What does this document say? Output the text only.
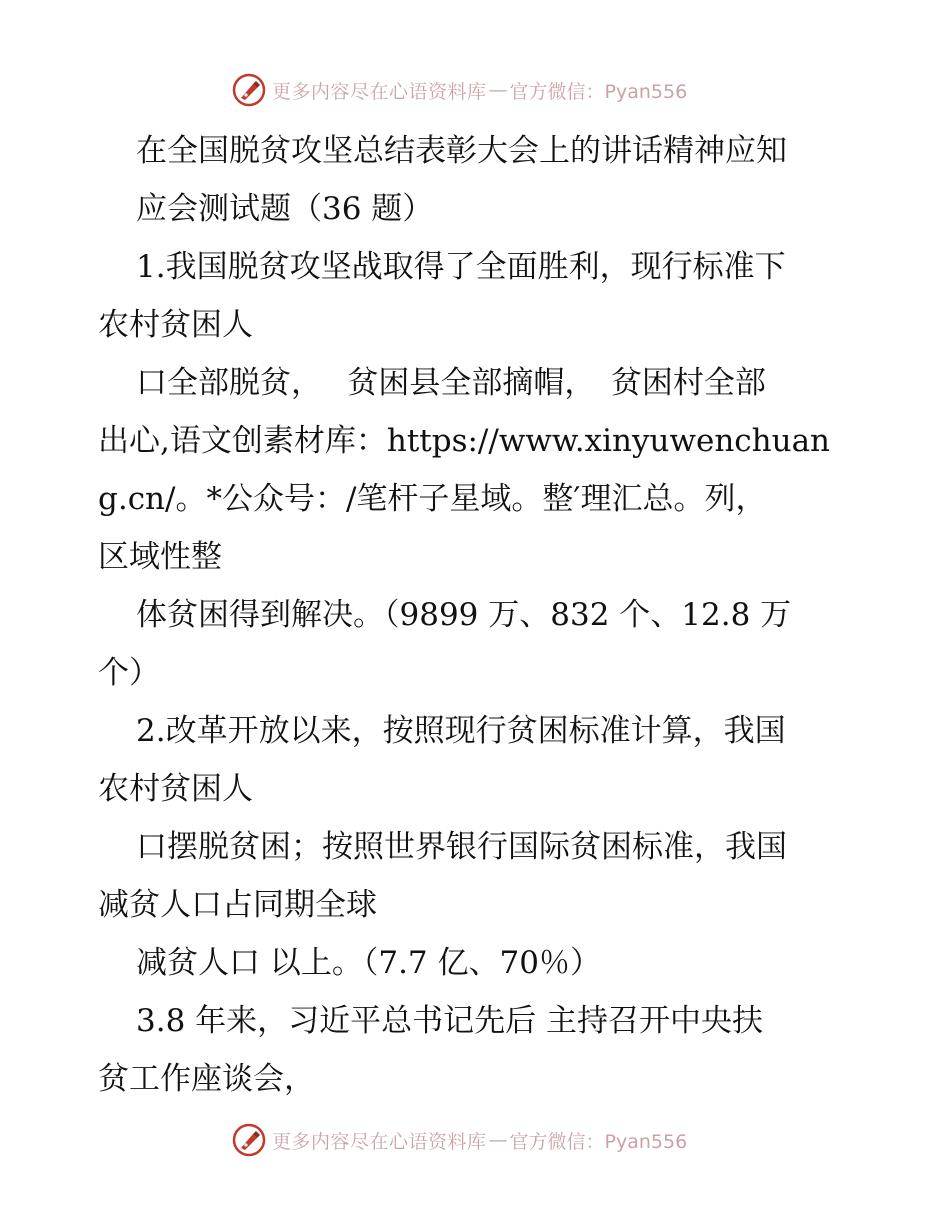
更多内容尽在心语资料库 — 官方微信：Pyan556
在全国脱贫攻坚总结表彰大会上的讲话精神应知
应会测试题（36 题）
1.我国脱贫攻坚战取得了全面胜利，现行标准下
农村贫困人
口全部脱贫，　 贫困县全部摘帽，　贫困村全部
出心,语文创素材库：https://www.xinyuwenchuan
g.cn/。*公众号：/笔杆子星域。整′理汇总。列，
区域性整
体贫困得到解决。（9899 万、832 个、12.8 万
个）
2.改革开放以来，按照现行贫困标准计算，我国
农村贫困人
口摆脱贫困；按照世界银行国际贫困标准，我国
减贫人口占同期全球
减贫人口 以上。（7.7 亿、70％）
3.8 年来，习近平总书记先后 主持召开中央扶
贫工作座谈会，
更多内容尽在心语资料库 — 官方微信：Pyan556
